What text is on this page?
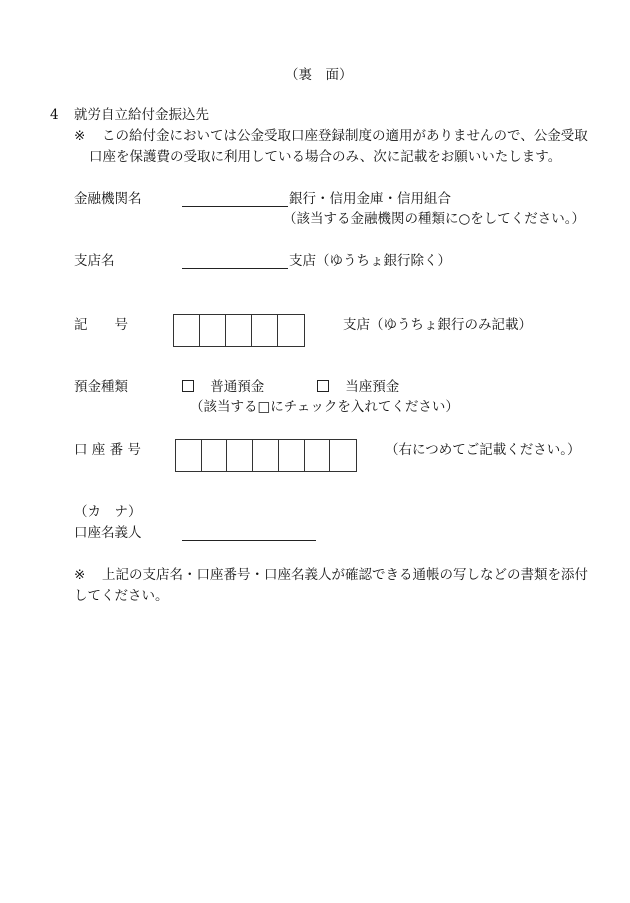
（裏　面）
4 就労自立給付金振込先
※ この給付金においては公金受取口座登録制度の適用がありませんので、公金受取
口座を保護費の受取に利用している場合のみ、次に記載をお願いいたします。
金融機関名	銀行・信用金庫・信用組合
（該当する金融機関の種類に○をしてください。）
支店名	支店（ゆうちょ銀行除く）
記　　号	支店（ゆうちょ銀行のみ記載）
預金種類	普通預金	当座預金
（該当する□にチェックを入れてください）
口 座 番 号	（右につめてご記載ください。）
（カ　ナ）
口座名義人
※ 上記の支店名・口座番号・口座名義人が確認できる通帳の写しなどの書類を添付
してください。
